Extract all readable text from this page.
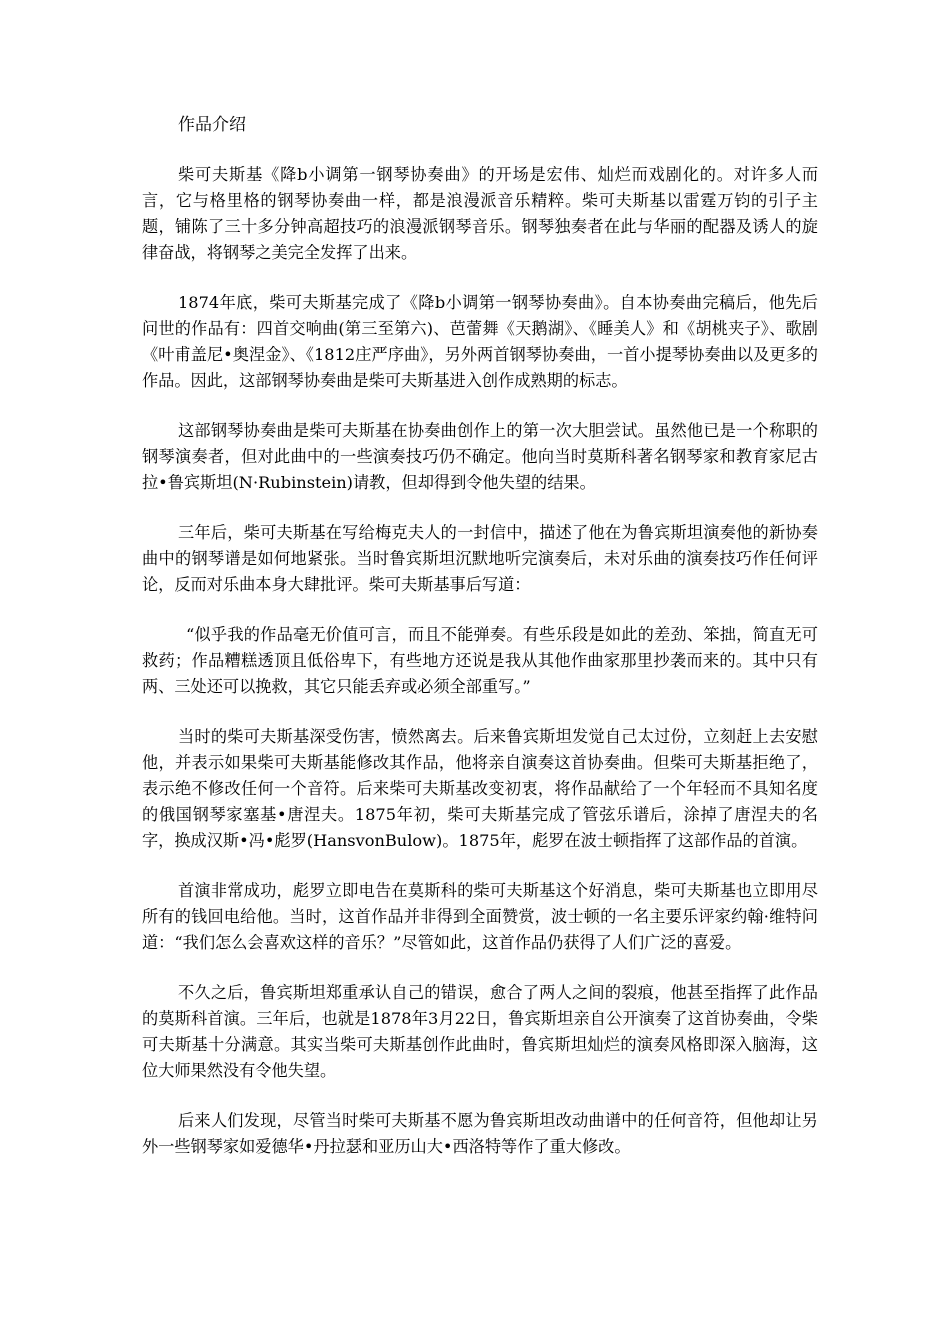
作品介绍

柴可夫斯基《降b小调第一钢琴协奏曲》的开场是宏伟、灿烂而戏剧化的。对许多人而言，它与格里格的钢琴协奏曲一样，都是浪漫派音乐精粹。柴可夫斯基以雷霆万钧的引子主题，铺陈了三十多分钟高超技巧的浪漫派钢琴音乐。钢琴独奏者在此与华丽的配器及诱人的旋律奋战，将钢琴之美完全发挥了出来。

1874年底，柴可夫斯基完成了《降b小调第一钢琴协奏曲》。自本协奏曲完稿后，他先后问世的作品有：四首交响曲(第三至第六)、芭蕾舞《天鹅湖》、《睡美人》和《胡桃夹子》、歌剧《叶甫盖尼•奥涅金》、《1812庄严序曲》，另外两首钢琴协奏曲，一首小提琴协奏曲以及更多的作品。因此，这部钢琴协奏曲是柴可夫斯基进入创作成熟期的标志。

这部钢琴协奏曲是柴可夫斯基在协奏曲创作上的第一次大胆尝试。虽然他已是一个称职的钢琴演奏者，但对此曲中的一些演奏技巧仍不确定。他向当时莫斯科著名钢琴家和教育家尼古拉•鲁宾斯坦(N·Rubinstein)请教，但却得到令他失望的结果。

三年后，柴可夫斯基在写给梅克夫人的一封信中，描述了他在为鲁宾斯坦演奏他的新协奏曲中的钢琴谱是如何地紧张。当时鲁宾斯坦沉默地听完演奏后，未对乐曲的演奏技巧作任何评论，反而对乐曲本身大肆批评。柴可夫斯基事后写道：

“似乎我的作品毫无价值可言，而且不能弹奏。有些乐段是如此的差劲、笨拙，简直无可救药；作品糟糕透顶且低俗卑下，有些地方还说是我从其他作曲家那里抄袭而来的。其中只有两、三处还可以挽救，其它只能丢弃或必须全部重写。”

当时的柴可夫斯基深受伤害，愤然离去。后来鲁宾斯坦发觉自己太过份，立刻赶上去安慰他，并表示如果柴可夫斯基能修改其作品，他将亲自演奏这首协奏曲。但柴可夫斯基拒绝了，表示绝不修改任何一个音符。后来柴可夫斯基改变初衷，将作品献给了一个年轻而不具知名度的俄国钢琴家塞基•唐涅夫。1875年初，柴可夫斯基完成了管弦乐谱后，涂掉了唐涅夫的名字，换成汉斯•冯•彪罗(HansvonBulow)。1875年，彪罗在波士顿指挥了这部作品的首演。

首演非常成功，彪罗立即电告在莫斯科的柴可夫斯基这个好消息，柴可夫斯基也立即用尽所有的钱回电给他。当时，这首作品并非得到全面赞赏，波士顿的一名主要乐评家约翰·维特问道：“我们怎么会喜欢这样的音乐？”尽管如此，这首作品仍获得了人们广泛的喜爱。

不久之后，鲁宾斯坦郑重承认自己的错误，愈合了两人之间的裂痕，他甚至指挥了此作品的莫斯科首演。三年后，也就是1878年3月22日，鲁宾斯坦亲自公开演奏了这首协奏曲，令柴可夫斯基十分满意。其实当柴可夫斯基创作此曲时，鲁宾斯坦灿烂的演奏风格即深入脑海，这位大师果然没有令他失望。

后来人们发现，尽管当时柴可夫斯基不愿为鲁宾斯坦改动曲谱中的任何音符，但他却让另外一些钢琴家如爱德华•丹拉瑟和亚历山大•西洛特等作了重大修改。
